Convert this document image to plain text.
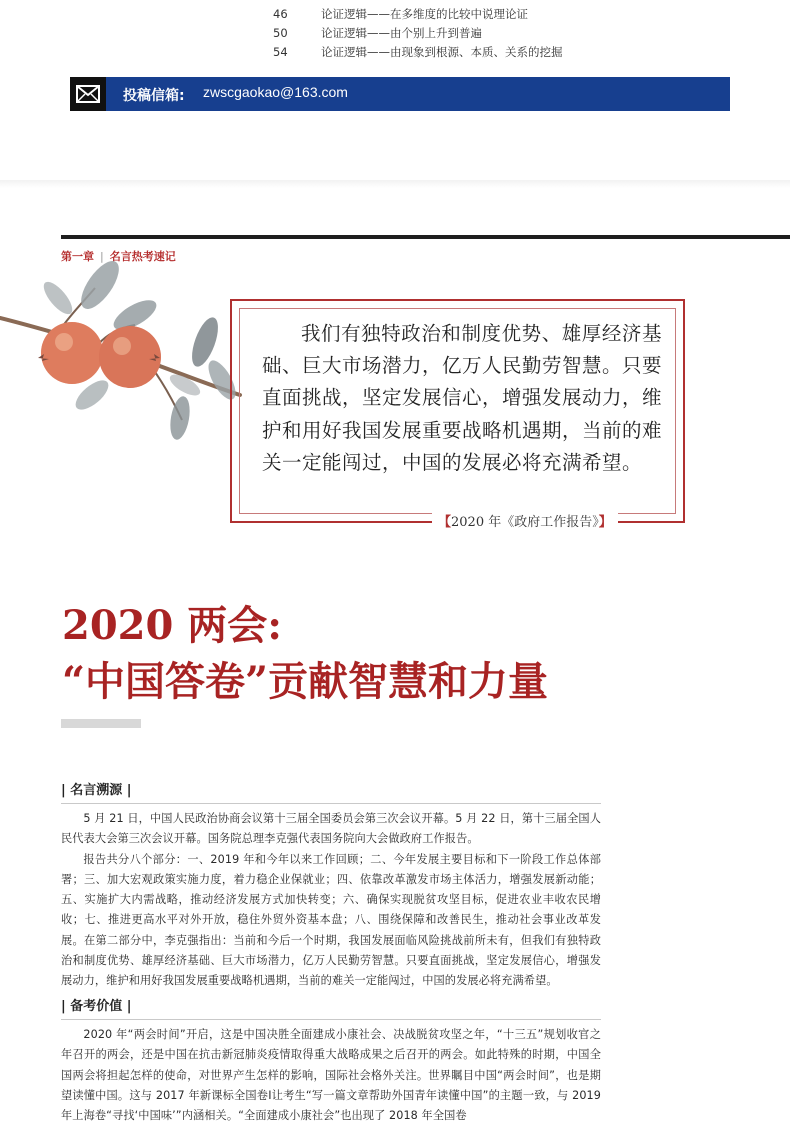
46	论证逻辑——在多维度的比较中说理论证
50	论证逻辑——由个别上升到普遍
54	论证逻辑——由现象到根源、本质、关系的挖掘
投稿信箱: zwscgaokao@163.com
第一章 | 名言热考速记
我们有独特政治和制度优势、雄厚经济基础、巨大市场潜力，亿万人民勤劳智慧。只要直面挑战，坚定发展信心，增强发展动力，维护和用好我国发展重要战略机遇期，当前的难关一定能闯过，中国的发展必将充满希望。
【2020 年《政府工作报告》】
2020 两会:
“中国答卷”贡献智慧和力量
| 名言溯源 |

5 月 21 日，中国人民政治协商会议第十三届全国委员会第三次会议开幕。5 月 22 日，第十三届全国人民代表大会第三次会议开幕。国务院总理李克强代表国务院向大会做政府工作报告。

报告共分八个部分：一、2019 年和今年以来工作回顾；二、今年发展主要目标和下一阶段工作总体部署；三、加大宏观政策实施力度，着力稳企业保就业；四、依靠改革激发市场主体活力，增强发展新动能；五、实施扩大内需战略，推动经济发展方式加快转变；六、确保实现脱贫攻坚目标，促进农业丰收农民增收；七、推进更高水平对外开放，稳住外贸外资基本盘；八、围绕保障和改善民生，推动社会事业改革发展。在第二部分中，李克强指出：当前和今后一个时期，我国发展面临风险挑战前所未有，但我们有独特政治和制度优势、雄厚经济基础、巨大市场潜力，亿万人民勤劳智慧。只要直面挑战，坚定发展信心，增强发展动力，维护和用好我国发展重要战略机遇期，当前的难关一定能闯过，中国的发展必将充满希望。

| 备考价值 |

2020 年“两会时间”开启，这是中国决胜全面建成小康社会、决战脱贫攻坚之年，“十三五”规划收官之年召开的两会，还是中国在抗击新冠肺炎疫情取得重大战略成果之后召开的两会。如此特殊的时期，中国全国两会将担起怎样的使命，对世界产生怎样的影响，国际社会格外关注。世界瞩目中国“两会时间”，也是期望读懂中国。这与 2017 年新课标全国卷Ⅰ让考生“写一篇文章帮助外国青年读懂中国”的主题一致，与 2019 年上海卷“寻找‘中国味’”内涵相关。“全面建成小康社会”也出现了 2018 年全国卷
